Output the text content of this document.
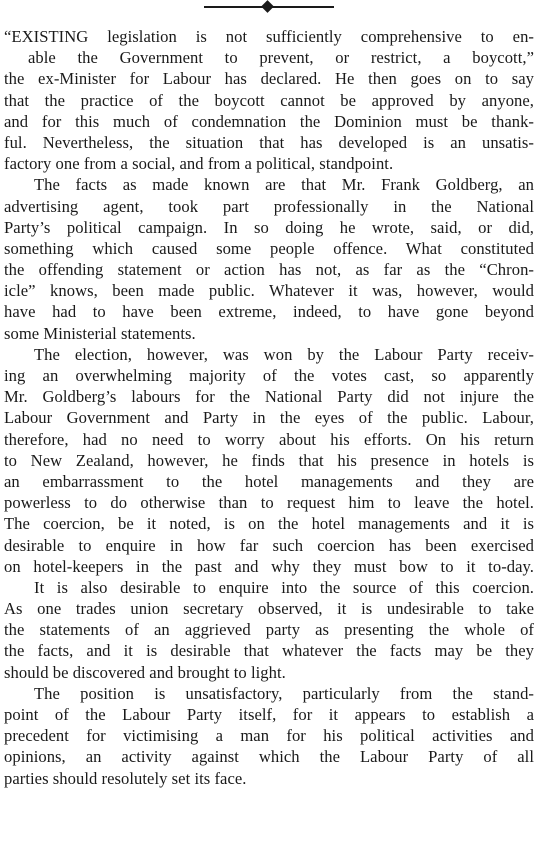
“EXISTING legislation is not sufficiently comprehensive to en-
able the Government to prevent, or restrict, a boycott,”
the ex-Minister for Labour has declared. He then goes on to say
that the practice of the boycott cannot be approved by anyone,
and for this much of condemnation the Dominion must be thank-
ful. Nevertheless, the situation that has developed is an unsatis-
factory one from a social, and from a political, standpoint.
The facts as made known are that Mr. Frank Goldberg, an
advertising agent, took part professionally in the National
Party’s political campaign. In so doing he wrote, said, or did,
something which caused some people offence. What constituted
the offending statement or action has not, as far as the “Chron-
icle” knows, been made public. Whatever it was, however, would
have had to have been extreme, indeed, to have gone beyond
some Ministerial statements.
The election, however, was won by the Labour Party receiv-
ing an overwhelming majority of the votes cast, so apparently
Mr. Goldberg’s labours for the National Party did not injure the
Labour Government and Party in the eyes of the public. Labour,
therefore, had no need to worry about his efforts. On his return
to New Zealand, however, he finds that his presence in hotels is
an embarrassment to the hotel managements and they are
powerless to do otherwise than to request him to leave the hotel.
The coercion, be it noted, is on the hotel managements and it is
desirable to enquire in how far such coercion has been exercised
on hotel-keepers in the past and why they must bow to it to-day.
It is also desirable to enquire into the source of this coercion.
As one trades union secretary observed, it is undesirable to take
the statements of an aggrieved party as presenting the whole of
the facts, and it is desirable that whatever the facts may be they
should be discovered and brought to light.
The position is unsatisfactory, particularly from the stand-
point of the Labour Party itself, for it appears to establish a
precedent for victimising a man for his political activities and
opinions, an activity against which the Labour Party of all
parties should resolutely set its face.
